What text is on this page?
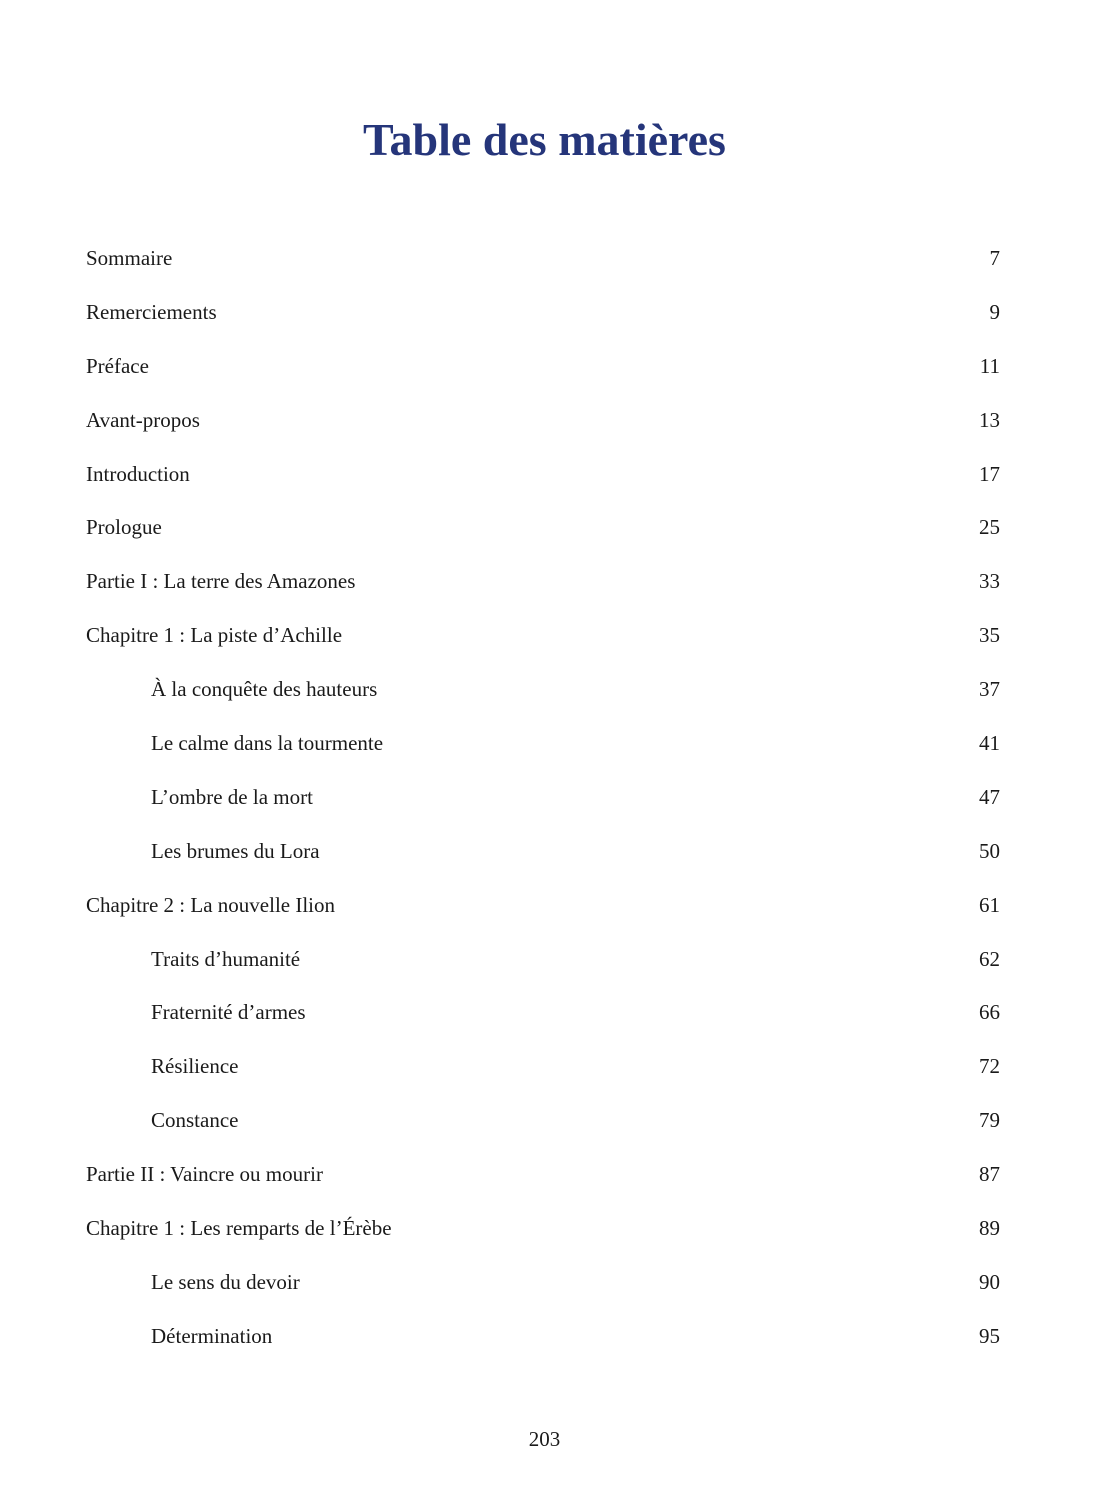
Table des matières
Sommaire	7
Remerciements	9
Préface	11
Avant-propos	13
Introduction	17
Prologue	25
Partie I : La terre des Amazones	33
Chapitre 1 : La piste d’Achille	35
À la conquête des hauteurs	37
Le calme dans la tourmente	41
L’ombre de la mort	47
Les brumes du Lora	50
Chapitre 2 : La nouvelle Ilion	61
Traits d’humanité	62
Fraternité d’armes	66
Résilience	72
Constance	79
Partie II : Vaincre ou mourir	87
Chapitre 1 : Les remparts de l’Érèbe	89
Le sens du devoir	90
Détermination	95
203
